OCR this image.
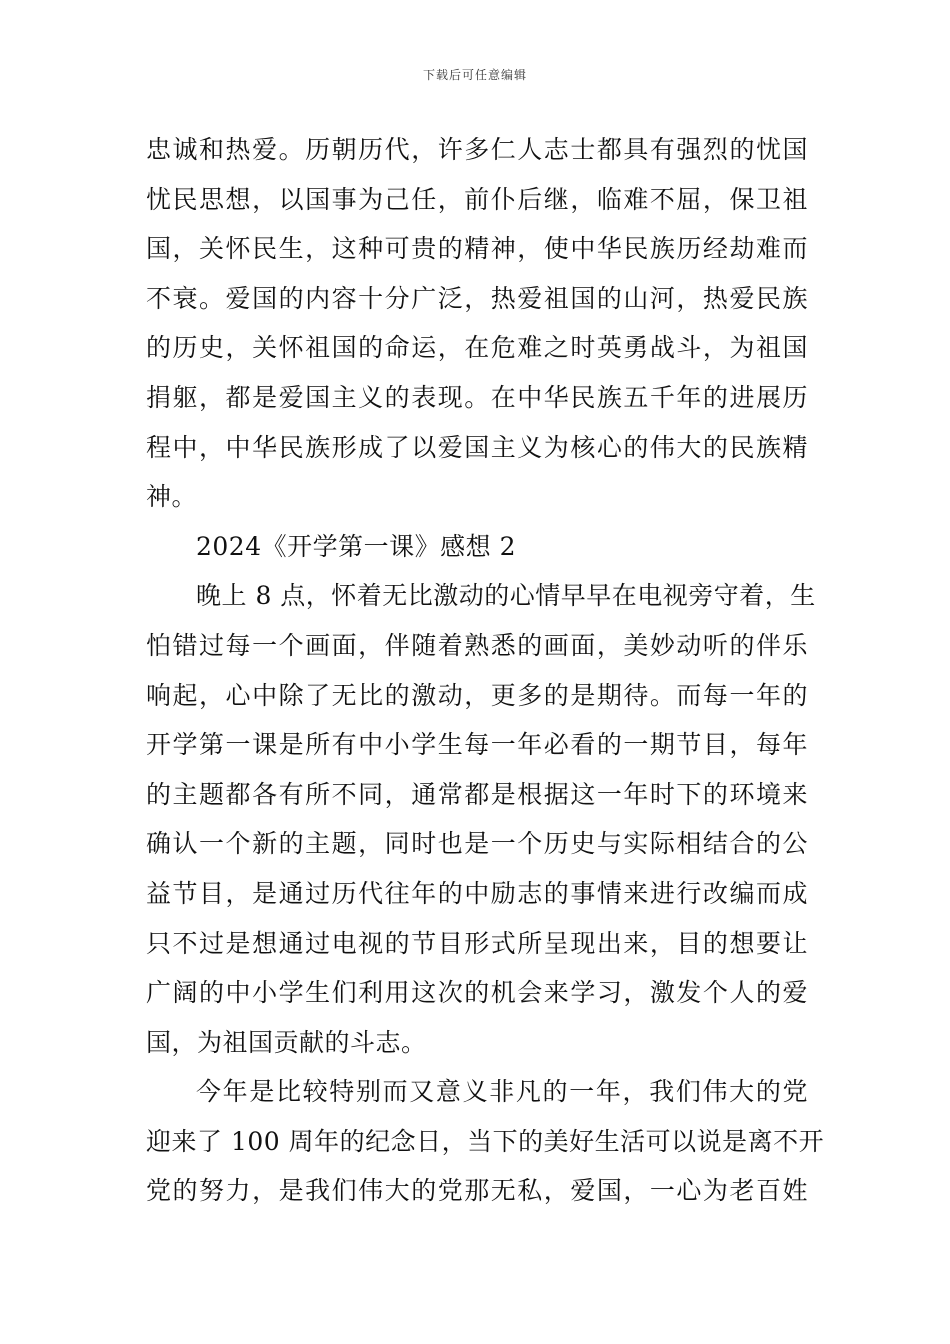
下载后可任意编辑
忠诚和热爱。历朝历代，许多仁人志士都具有强烈的忧国
忧民思想，以国事为己任，前仆后继，临难不屈，保卫祖
国，关怀民生，这种可贵的精神，使中华民族历经劫难而
不衰。爱国的内容十分广泛，热爱祖国的山河，热爱民族
的历史，关怀祖国的命运，在危难之时英勇战斗，为祖国
捐躯，都是爱国主义的表现。在中华民族五千年的进展历
程中，中华民族形成了以爱国主义为核心的伟大的民族精
神。
2024《开学第一课》感想 2
晚上 8 点，怀着无比激动的心情早早在电视旁守着，生
怕错过每一个画面，伴随着熟悉的画面，美妙动听的伴乐
响起，心中除了无比的激动，更多的是期待。而每一年的
开学第一课是所有中小学生每一年必看的一期节目，每年
的主题都各有所不同，通常都是根据这一年时下的环境来
确认一个新的主题，同时也是一个历史与实际相结合的公
益节目，是通过历代往年的中励志的事情来进行改编而成
只不过是想通过电视的节目形式所呈现出来，目的想要让
广阔的中小学生们利用这次的机会来学习，激发个人的爱
国，为祖国贡献的斗志。
今年是比较特别而又意义非凡的一年，我们伟大的党
迎来了 100 周年的纪念日，当下的美好生活可以说是离不开
党的努力，是我们伟大的党那无私，爱国，一心为老百姓
